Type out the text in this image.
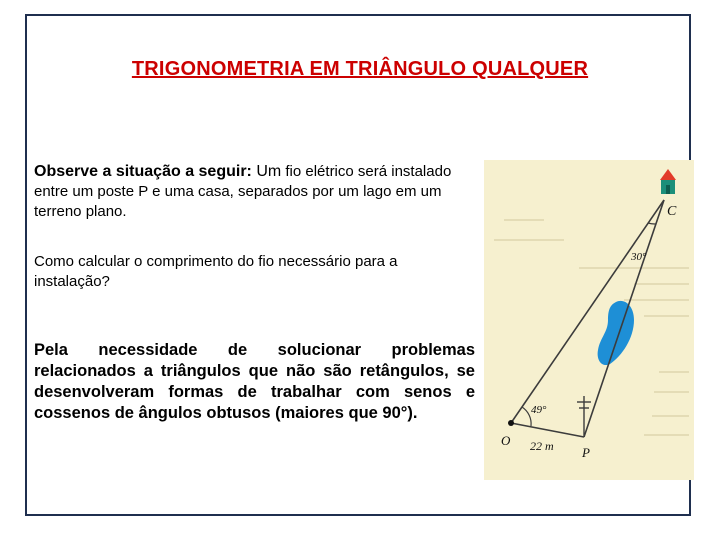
TRIGONOMETRIA EM TRIÂNGULO QUALQUER
Observe a situação a seguir: Um fio elétrico será instalado entre um poste P e uma casa, separados por um lago em um terreno plano.
Como calcular o comprimento do fio necessário para a instalação?
Pela necessidade de solucionar problemas relacionados a triângulos que não são retângulos, se desenvolveram formas de trabalhar com senos e cossenos de ângulos obtusos (maiores que 90°).
C
30°
49°
O 22 m P
